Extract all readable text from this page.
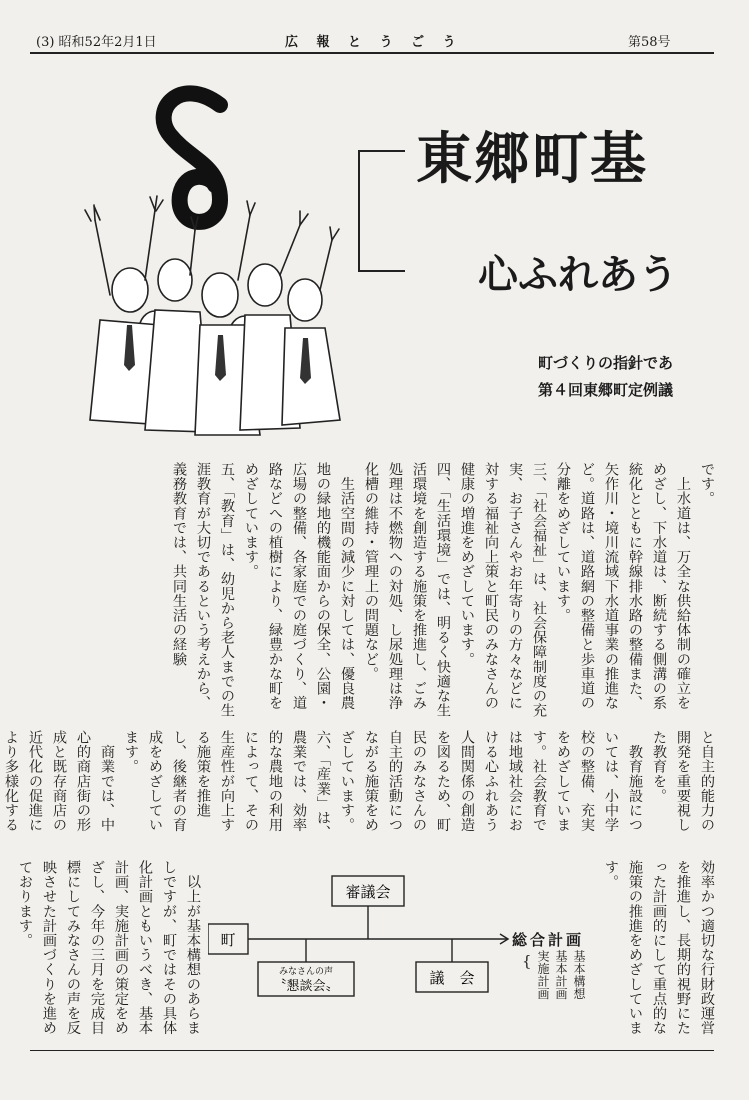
(3) 昭和52年2月1日	広 報 と う ご う	第58号
東郷町基
心ふれあう
町づくりの指針であ
第４回東郷町定例議

です。

　上水道は、万全な供給体制の確立をめざし、下水道は、断続する側溝の系統化とともに幹線排水路の整備また、矢作川・境川流域下水道事業の推進など。道路は、道路網の整備と歩車道の分離をめざしています。

三、「社会福祉」は、社会保障制度の充実、お子さんやお年寄りの方々などに対する福祉向上策と町民のみなさんの健康の増進をめざしています。

四、「生活環境」では、明るく快適な生活環境を創造する施策を推進し、ごみ処理は不燃物への対処、し尿処理は浄化槽の維持・管理上の問題など。

　生活空間の減少に対しては、優良農地の緑地的機能面からの保全、公園・広場の整備、各家庭での庭づくり、道路などへの植樹により、緑豊かな町をめざしています。

五、「教育」は、幼児から老人までの生涯教育が大切であるという考えから、義務教育では、共同生活の経験

と自主的能力の開発を重要視した教育を。

　教育施設については、小中学校の整備、充実をめざしています。社会教育では地域社会における心ふれあう人間関係の創造を図るため、町民のみなさんの自主的活動につながる施策をめざしています。

六、「産業」は、農業では、効率的な農地の利用によって、その生産性が向上する施策を推進し、後継者の育成をめざしています。

　商業では、中心的商店街の形成と既存商店の近代化の促進により多様化する

効率かつ適切な行財政運営を推進し、長期的視野にたった計画的にして重点的な施策の推進をめざしています。

　以上が基本構想のあらましですが、町ではその具体化計画ともいうべき、基本計画、実施計画の策定をめざし、今年の三月を完成目標にしてみなさんの声を反映させた計画づくりを進めております。	審議会
町
みなさんの声
〝懇談会〟	議　会
総合計画
{	基本構想

基本計画

実施計画
